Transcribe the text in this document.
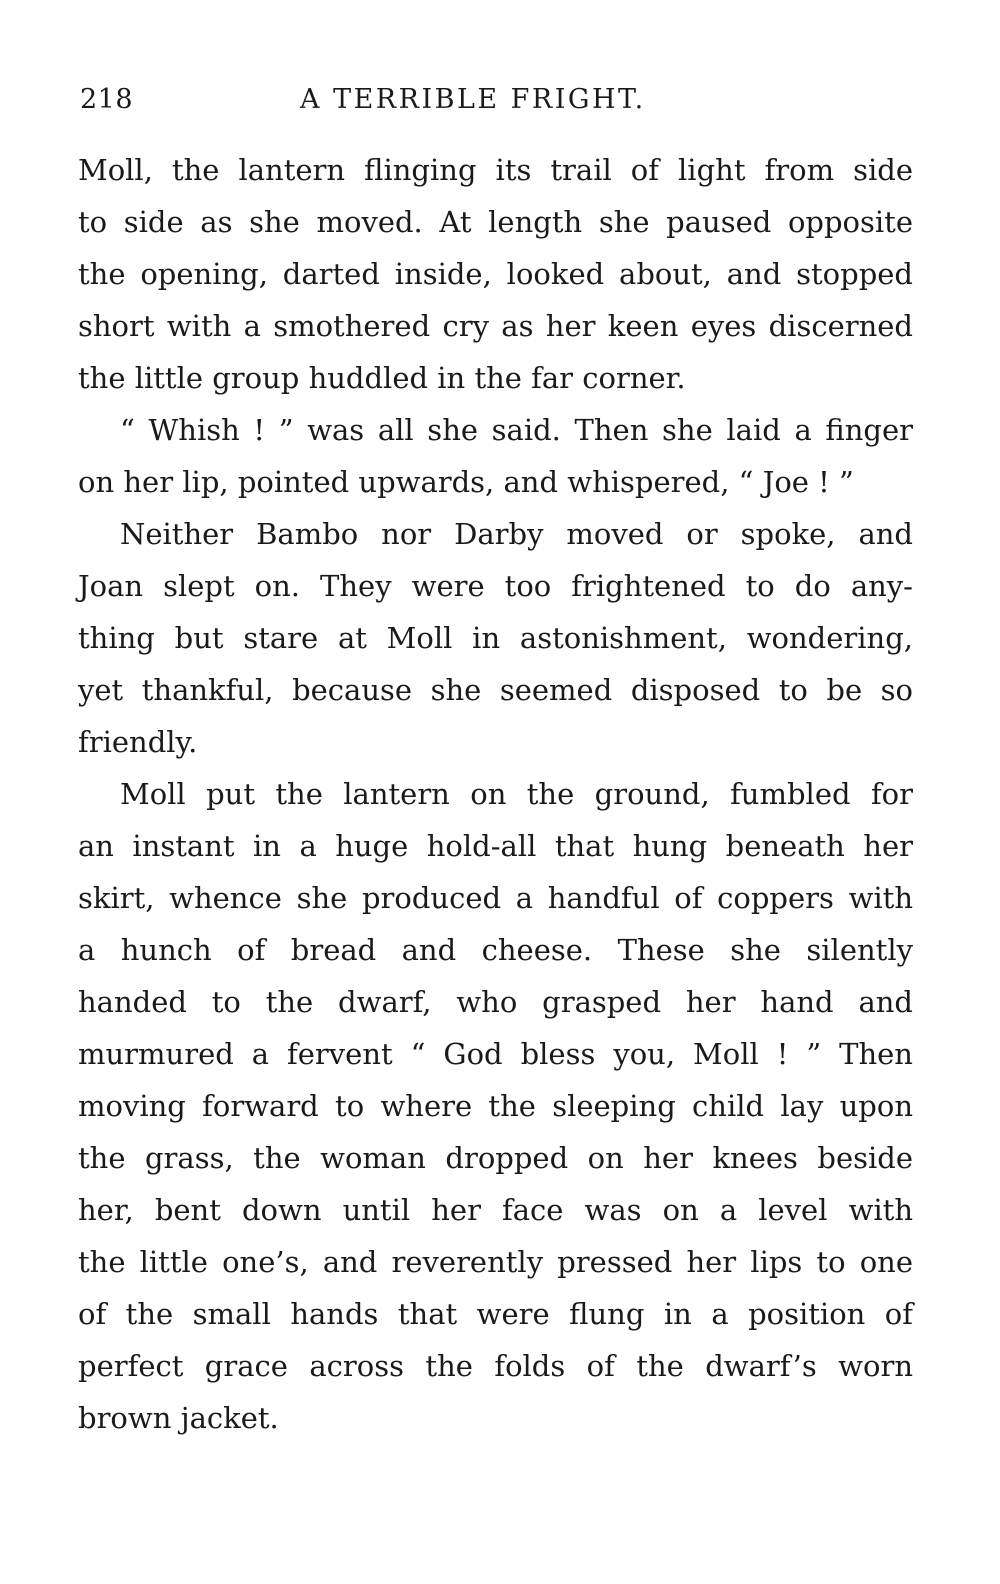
218	A TERRIBLE FRIGHT.
Moll, the lantern flinging its trail of light from side
to side as she moved. At length she paused opposite
the opening, darted inside, looked about, and stopped
short with a smothered cry as her keen eyes discerned
the little group huddled in the far corner.
“ Whish ! ” was all she said. Then she laid a finger
on her lip, pointed upwards, and whispered, “ Joe ! ”
Neither Bambo nor Darby moved or spoke, and
Joan slept on. They were too frightened to do any-
thing but stare at Moll in astonishment, wondering,
yet thankful, because she seemed disposed to be so
friendly.
Moll put the lantern on the ground, fumbled for
an instant in a huge hold-all that hung beneath her
skirt, whence she produced a handful of coppers with
a hunch of bread and cheese. These she silently
handed to the dwarf, who grasped her hand and
murmured a fervent “ God bless you, Moll ! ” Then
moving forward to where the sleeping child lay upon
the grass, the woman dropped on her knees beside
her, bent down until her face was on a level with
the little one’s, and reverently pressed her lips to one
of the small hands that were flung in a position of
perfect grace across the folds of the dwarf’s worn
brown jacket.
